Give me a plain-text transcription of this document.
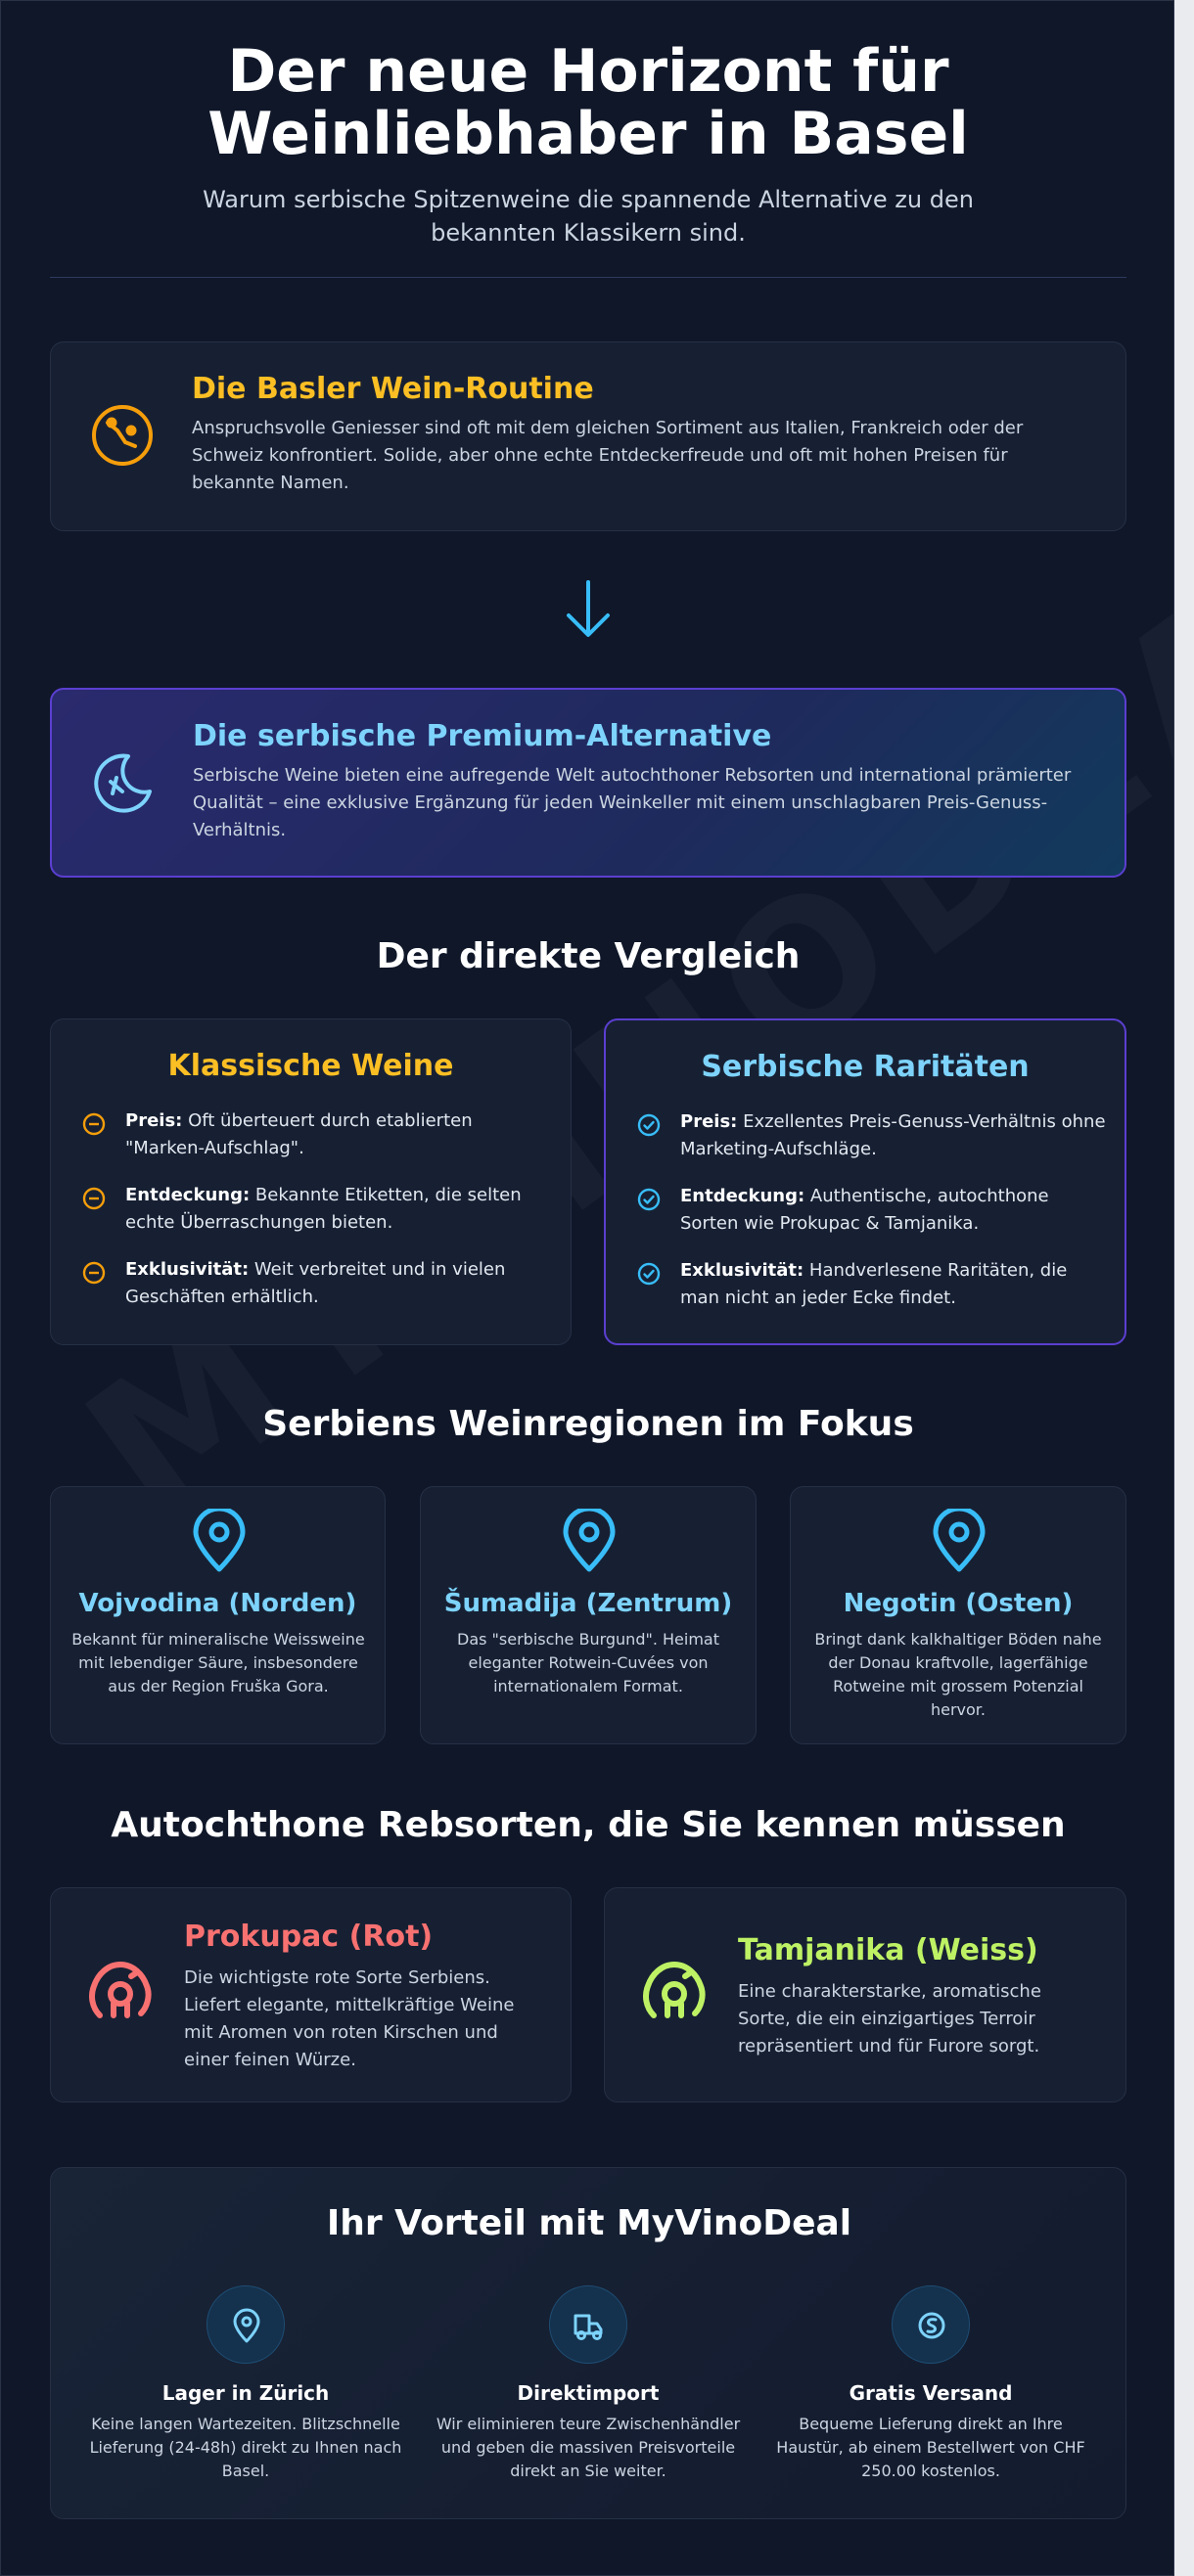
Der neue Horizont für Weinliebhaber in Basel

Warum serbische Spitzenweine die spannende Alternative zu den bekannten Klassikern sind.

Die Basler Wein-Routine
Anspruchsvolle Geniesser sind oft mit dem gleichen Sortiment aus Italien, Frankreich oder der Schweiz konfrontiert. Solide, aber ohne echte Entdeckerfreude und oft mit hohen Preisen für bekannte Namen.
Die serbische Premium-Alternative
Serbische Weine bieten eine aufregende Welt autochthoner Rebsorten und international prämierter Qualität – eine exklusive Ergänzung für jeden Weinkeller mit einem unschlagbaren Preis-Genuss-Verhältnis.
Der direkte Vergleich
Klassische Weine
Preis: Oft überteuert durch etablierten "Marken-Aufschlag".
Entdeckung: Bekannte Etiketten, die selten echte Überraschungen bieten.
Exklusivität: Weit verbreitet und in vielen Geschäften erhältlich.
Serbische Raritäten
Preis: Exzellentes Preis-Genuss-Verhältnis ohne Marketing-Aufschläge.
Entdeckung: Authentische, autochthone Sorten wie Prokupac & Tamjanika.
Exklusivität: Handverlesene Raritäten, die man nicht an jeder Ecke findet.
Serbiens Weinregionen im Fokus
Vojvodina (Norden)
Bekannt für mineralische Weissweine mit lebendiger Säure, insbesondere aus der Region Fruška Gora.
Šumadija (Zentrum)
Das "serbische Burgund". Heimat eleganter Rotwein-Cuvées von internationalem Format.
Negotin (Osten)
Bringt dank kalkhaltiger Böden nahe der Donau kraftvolle, lagerfähige Rotweine mit grossem Potenzial hervor.
Autochthone Rebsorten, die Sie kennen müssen
Prokupac (Rot)
Die wichtigste rote Sorte Serbiens. Liefert elegante, mittelkräftige Weine mit Aromen von roten Kirschen und einer feinen Würze.
Tamjanika (Weiss)
Eine charakterstarke, aromatische Sorte, die ein einzigartiges Terroir repräsentiert und für Furore sorgt.
Ihr Vorteil mit MyVinoDeal
Lager in Zürich
Keine langen Wartezeiten. Blitzschnelle Lieferung (24-48h) direkt zu Ihnen nach Basel.
Direktimport
Wir eliminieren teure Zwischenhändler und geben die massiven Preisvorteile direkt an Sie weiter.
Gratis Versand
Bequeme Lieferung direkt an Ihre Haustür, ab einem Bestellwert von CHF 250.00 kostenlos.
